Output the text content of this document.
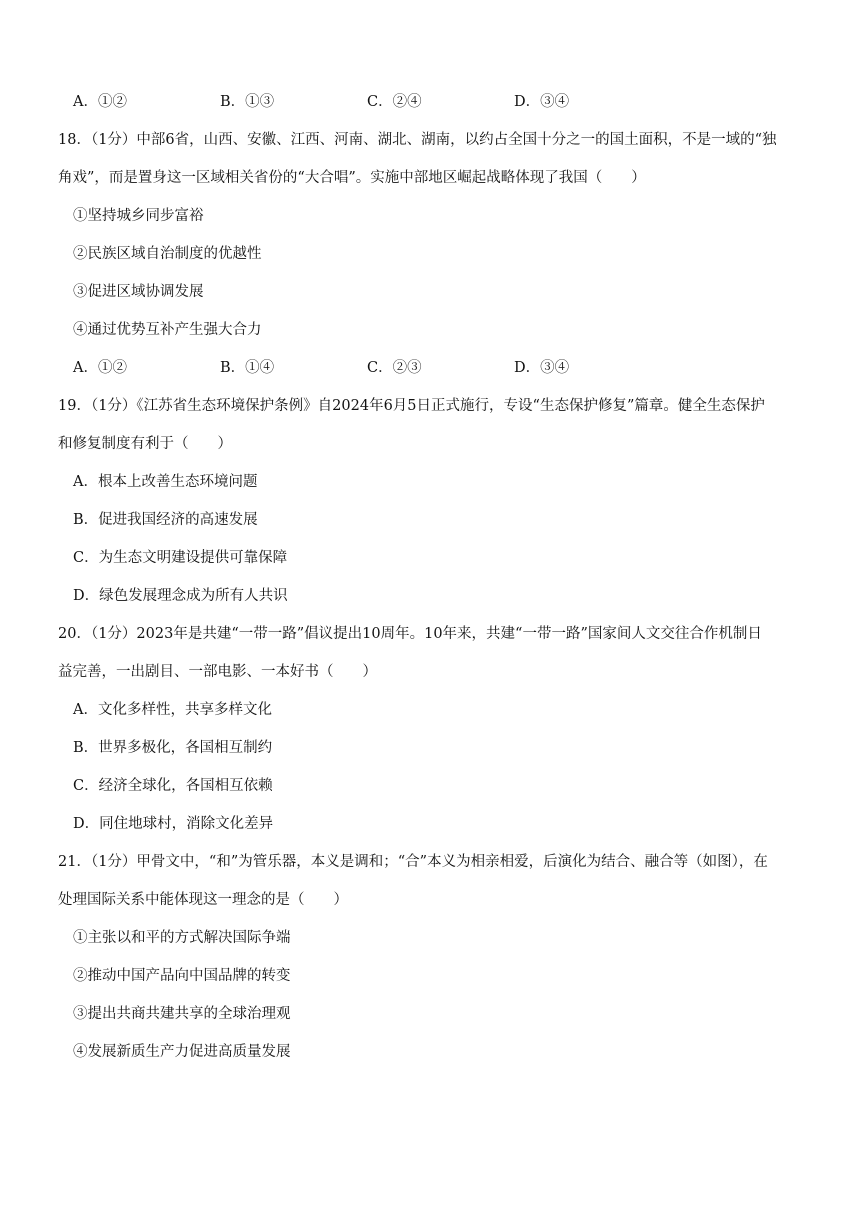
A．①②	B．①③	C．②④	D．③④
18．（1分）中部6省，山西、安徽、江西、河南、湖北、湖南，以约占全国十分之一的国土面积，不是一域的“独
角戏”，而是置身这一区域相关省份的“大合唱”。实施中部地区崛起战略体现了我国（　　）
①坚持城乡同步富裕
②民族区域自治制度的优越性
③促进区域协调发展
④通过优势互补产生强大合力
A．①②	B．①④	C．②③	D．③④
19．（1分）《江苏省生态环境保护条例》自2024年6月5日正式施行，专设“生态保护修复”篇章。健全生态保护
和修复制度有利于（　　）
A．根本上改善生态环境问题
B．促进我国经济的高速发展
C．为生态文明建设提供可靠保障
D．绿色发展理念成为所有人共识
20．（1分）2023年是共建“一带一路”倡议提出10周年。10年来，共建“一带一路”国家间人文交往合作机制日
益完善，一出剧目、一部电影、一本好书（　　）
A．文化多样性，共享多样文化
B．世界多极化，各国相互制约
C．经济全球化，各国相互依赖
D．同住地球村，消除文化差异
21．（1分）甲骨文中，“和”为管乐器，本义是调和；“合”本义为相亲相爱，后演化为结合、融合等（如图），在
处理国际关系中能体现这一理念的是（　　）
①主张以和平的方式解决国际争端
②推动中国产品向中国品牌的转变
③提出共商共建共享的全球治理观
④发展新质生产力促进高质量发展
